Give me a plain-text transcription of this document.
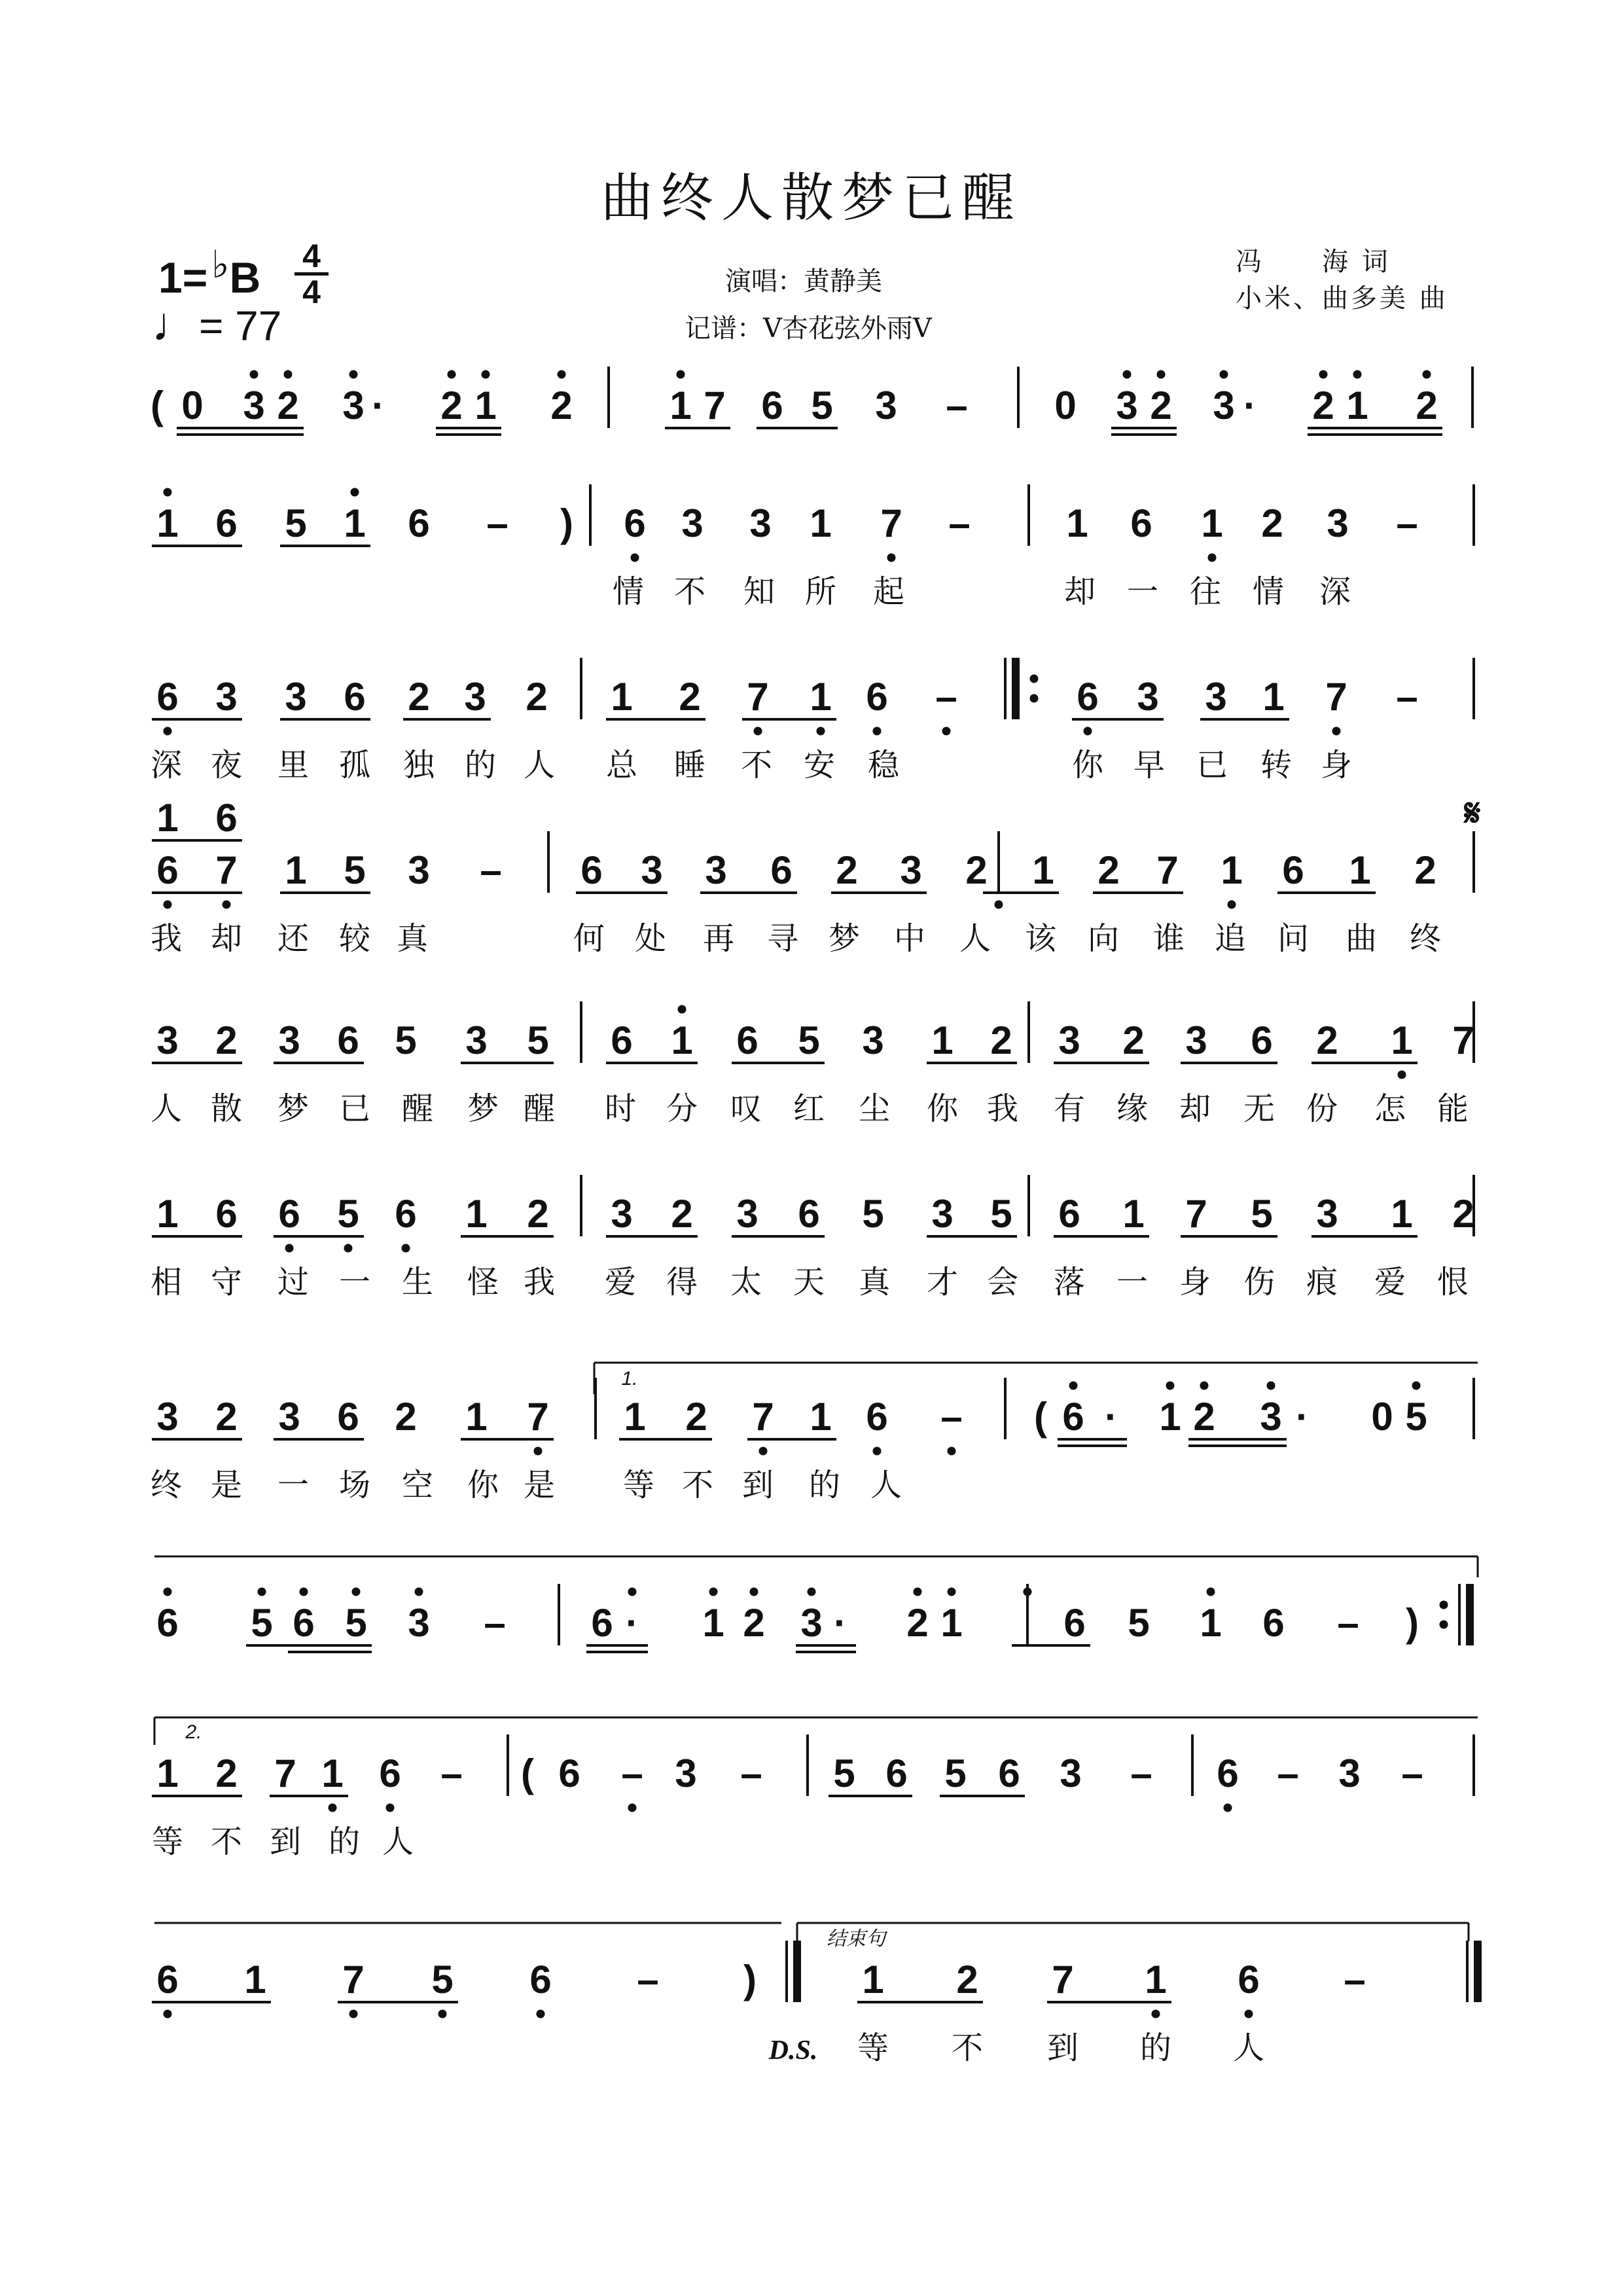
曲终人散梦已醒
1= ♭B	4
4
♩= 77
演唱：黄静美
记谱：V杏花弦外雨V
冯　　海 词
小米、曲多美 曲
( 0 3 2 3 · 2 1 2 1 7 6 5 3 – 0 3 2 3 · 2 1 2
1 6 5 1 6 – ) 6 3 3 1 7 – 1 6 1 2 3 –
情 不 知 所 起	却 一 往 情 深
6 3 3 6 2 3 2 1 2 7 1 6 –	6 3 3 1 7 –
深 夜 里 孤 独 的 人 总 睡 不 安 稳	你 早 已 转 身
6 7 1 5 3 – 6 3 3 6 2 3 2 1 2 7 1 6 1 2
1 6
我 却 还 较 真	何 处 再 寻 梦 中 人 该 向 谁 追 问 曲 终
3 2 3 6 5 3 5 6 1 6 5 3 1 2 3 2 3 6 2 1 7
人 散 梦 已 醒 梦 醒 时 分 叹 红 尘 你 我 有 缘 却 无 份 怎 能
1 6 6 5 6 1 2 3 2 3 6 5 3 5 6 1 7 5 3 1 2
相 守 过 一 生 怪 我 爱 得 太 天 真 才 会 落 一 身 伤 痕 爱 恨
3 2 3 6 2 1 7 1 2 7 1 6 – ( 6 · 1 2 3 · 0 5
终 是 一 场 空 你 是 等 不 到 的 人
6 5 6 5 3 – 6 · 1 2 3 · 2 1	6 5 1 6 – )
1 2 7 1 6 – ( 6 – 3 – 5 6 5 6 3 – 6 – 3 –
等 不 到 的 人
6 1 7 5 6 – )	1 2 7 1 6 –
等 不 到 的 人
1.
2.
结束句
D.S.
𝄋
